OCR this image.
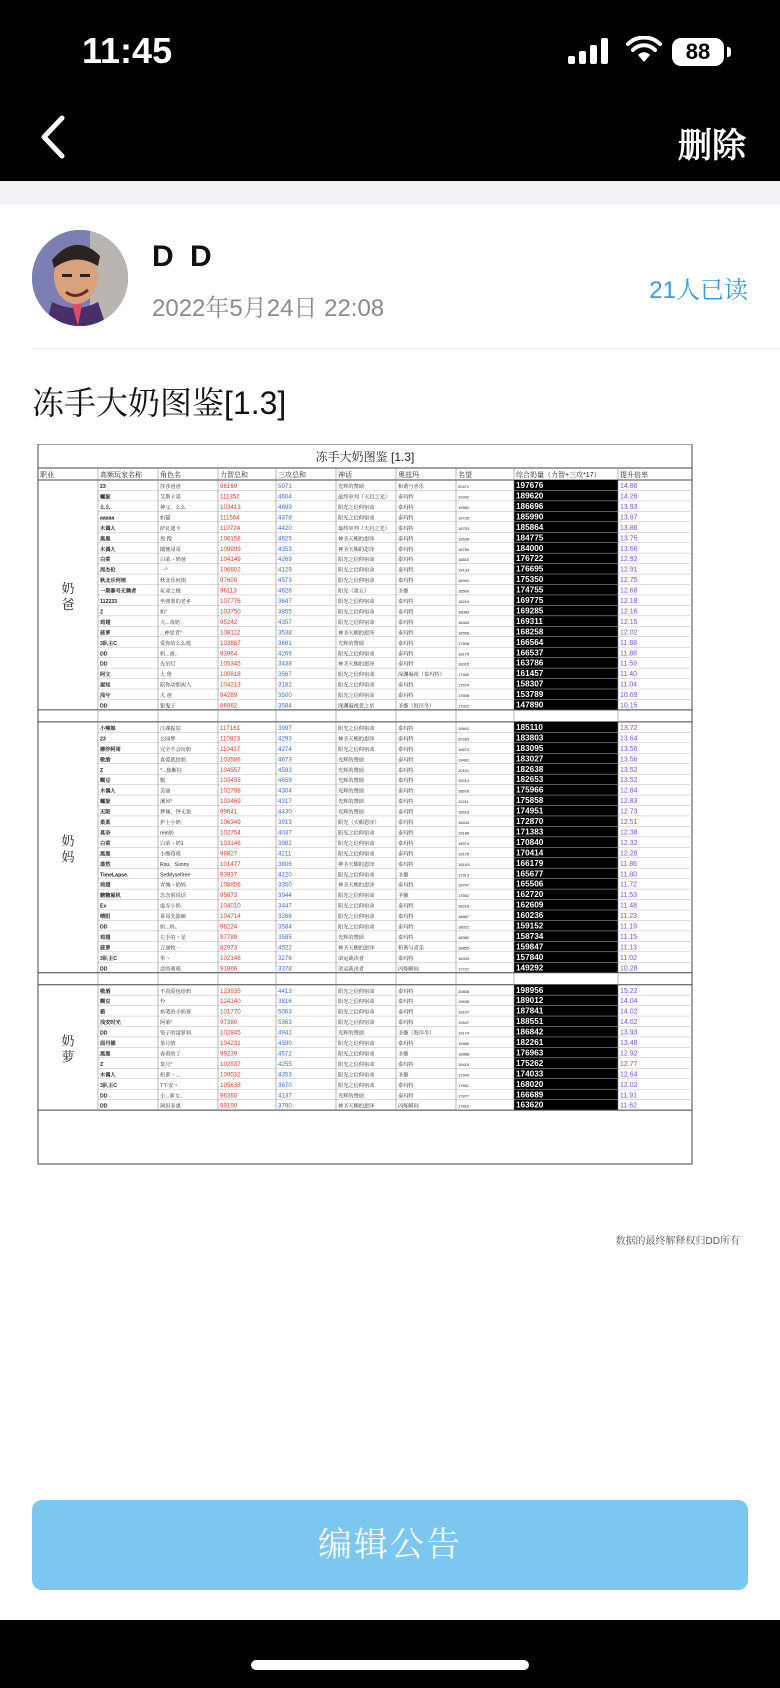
11:45	88
删除
D D
2022年5月24日 22:08
21人已读
冻手大奶图鉴[1.3]
冻手大奶图鉴 [1.3]
职业	高频玩家名称	角色名	力智总和	三攻总和	神话	奥兹玛	名望	综合奶量（力智+三攻*17）	提升倍率
奶
爸
23	莎莎爸爸	96169	5971	光辉的赞颂	和谐与喜乐	20471	197676	14.86
螺旋	艾斯卡诺	111352	4604	最终审判（天启之光） 泰玛特	19342	189620	14.26
么么	神父，么么	103413	4899	阳光之信仰宿命	泰玛特	19581	186696	13.93
aaaaa	奶猫	111564	4378	阳光之信仰宿命	泰玛特	19739	185990	13.87
木偶人	萨瓦迪卡	110724	4420	最终审判（天启之光） 泰玛特	18753	185864	13.86
黑黑	黑 搜	106158	4625	神圣天赐的恩泽	泰玛特	19536	184775	13.75
木偶人	随便哥哥	109999	4353	神圣天赐的恩泽	泰玛特	18780	184000	13.66
白菜	白菜丶奶爸	104149	4269	阳光之信仰宿命	泰玛特	18815	176722	12.92
周杰伦	一^	106602	4129	阳光之信仰宿命	泰玛特	19133	176695	12.91
秋北乐何雨	秋北乐何雨	97609	4573	阳光之信仰宿命	泰玛特	18941	175350	12.75
一期暴号无赖者	玩命之极	96113	4626	阳光（第五）	圣骸	18500	174755	12.68
112233	坐弹墨的老乡	107776	3647	阳光之信仰宿命	泰玛特	18219	169775	12.18
Z	奶°	103750	3855	阳光之信仰宿命	泰玛特	18083	169285	12.16
鸡翅	大...毒奶	95242	4357	阳光之信仰宿命	泰玛特	18483	169311	12.15
菠萝	...神思者°	108112	3538	神圣天赐的恩泽	泰玛特	18558	168258	12.02
3队主C	爱你的么么哒	103887	3681	光辉的赞颂	泰玛特	17508	166564	11.88
DD	奶...爸。	93964	4269	阳光之信仰宿命	泰玛特	18179	166537	11.88
DD	先吊灯	105345	3438	神圣天赐的恩泽	泰玛特	18015	163786	11.59
阿文	大 鲁	100818	3567	阳光之信仰宿命	深渊凝视（泰玛特）	17450	161457	11.40
屋知	陪你动胆祝人	104213	3182	阳光之信仰宿命	泰玛特	17674	158307	11.04
浅兮	大 爸	94289	3500	阳光之信仰宿命	泰玛特	17508	153789	10.69
DD	银鬼子	86962	3584	深渊凝视者之星	圣骸（海洋冬）	17922	147890	10.15
奶
妈
小辣娘	江湖振辰	117161	3997	阳光之信仰宿命	泰玛特	19841	185110	13.72
23	公园梦	110823	4293	神圣天赐的恩泽	泰玛特	20283	183803	13.64
柳纱阿哥	完全不会玩奶	110437	4274	阳光之信仰宿命	泰玛特	18673	183095	13.56
敬酒	真爱就给奶	103586	4673	光辉的赞颂	泰玛特	19462	183027	13.56
Z	°...独断拉	104557	4593	光辉的赞颂	泰玛特	20101	182638	13.52
糊豆	黯	103458	4659	光辉的赞颂	泰玛特	19214	182653	13.52
木偶人	美丽	102798	4304	光辉的赞颂	泰玛特	18676	175966	12.84
螺旋	溪风°	102469	4317	光辉的赞颂	泰玛特	19211	175858	12.83
无限	梦倾，钟无艳	99641	4430	光辉的赞颂	泰玛特	18618	174951	12.73
柔柔	护士小奶	106349	3913	阳光（天赐恩泽）	泰玛特	18434	172870	12.51
莫奈	rein奶	102754	4037	阳光之信仰宿命	泰玛特	19188	171383	12.38
白菜	白菜丶奶1	103146	3982	阳光之信仰宿命	泰玛特	18574	170840	12.32
黑黑	小熊莓霉	98827	4211	阳光之信仰宿命	泰玛特	19175	170414	12.28
漆然	Rsu。Sunny	101477	3806	神圣天赐的恩泽	泰玛特	18163	166179	11.86
TimeLapse.	SetMyselfree	93937	4220	阳光之信仰宿命	圣骸	17913	165677	11.80
鸡翅	青城丶奶妈	108856	3350	神圣天赐的恩泽	泰玛特	18797	165506	11.72
糖糖屋机	念念别说话	95673	3944	阳光之信仰宿命	圣骸	17592	162720	11.53
Ex	虚弄小奶	104010	3447	阳光之信仰宿命	泰玛特	18216	162609	11.48
晴阳	哥哥先演砸	104714	3266	阳光之信仰宿命	泰玛特	18887	160236	11.23
DD	奶...妈。	98224	3584	阳光之信仰宿命	泰玛特	18022	159152	11.19
鸡翅	左手的丶星	97789	3585	光辉的赞颂	泰玛特	18382	158734	11.15
菠萝	言康牧一	82973	4522	神圣天赐的恩泽	和谐与喜乐	18855	159847	11.13
3队主C	奉丶	102148	3276	命运裁决者	泰玛特	18333	157840	11.02
DD	恋的萌萌	91866	3378	命运裁决者	闪烁瞬间	17721	149292	10.28
奶
萝
敬酒	不真爱包给奶	123935	4413	阳光之信仰宿命	泰玛特	20808	198956	15.22
糊豆	怜	124140	3816	阳光之信仰宿命	泰玛特	19638	189012	14.04
箱	执笔的小奶萝	101770	5063	阳光之信仰宿命	泰玛特	18167	187841	14.02
浅安时光	阿莱°	97380	5363	阳光之信仰宿命	泰玛特	19547	188551	14.02
DD	兔子的富萝莉	102845	4941	光辉的赞颂	圣骸（海洋冬）	19174	186842	13.93
面丹德	茶月情	104231	4590	阳光之信仰宿命	泰玛特	19480	182261	13.48
黑黑	春着的了	99239	4572	阳光之信仰宿命	圣骸	18888	176963	12.92
Z	莫月°	102937	4255	阳光之信仰宿命	泰玛特	19419	175262	12.77
木偶人	奶萝丶...	100032	4353	阳光之信仰宿命	圣骸	17990	174033	12.64
3队主C	7不安丶	105638	3670	阳光之信仰宿命	泰玛特	17851	168020	12.02
DD	小...萝女。	96360	4137	光辉的赞颂	泰玛特	17877	166689	11.91
DD	洞田多惠	99190	3790	神圣天赐的恩泽	闪烁瞬间	17810	163620	11.62
数据的最终解释权归DD所有
编辑公告
